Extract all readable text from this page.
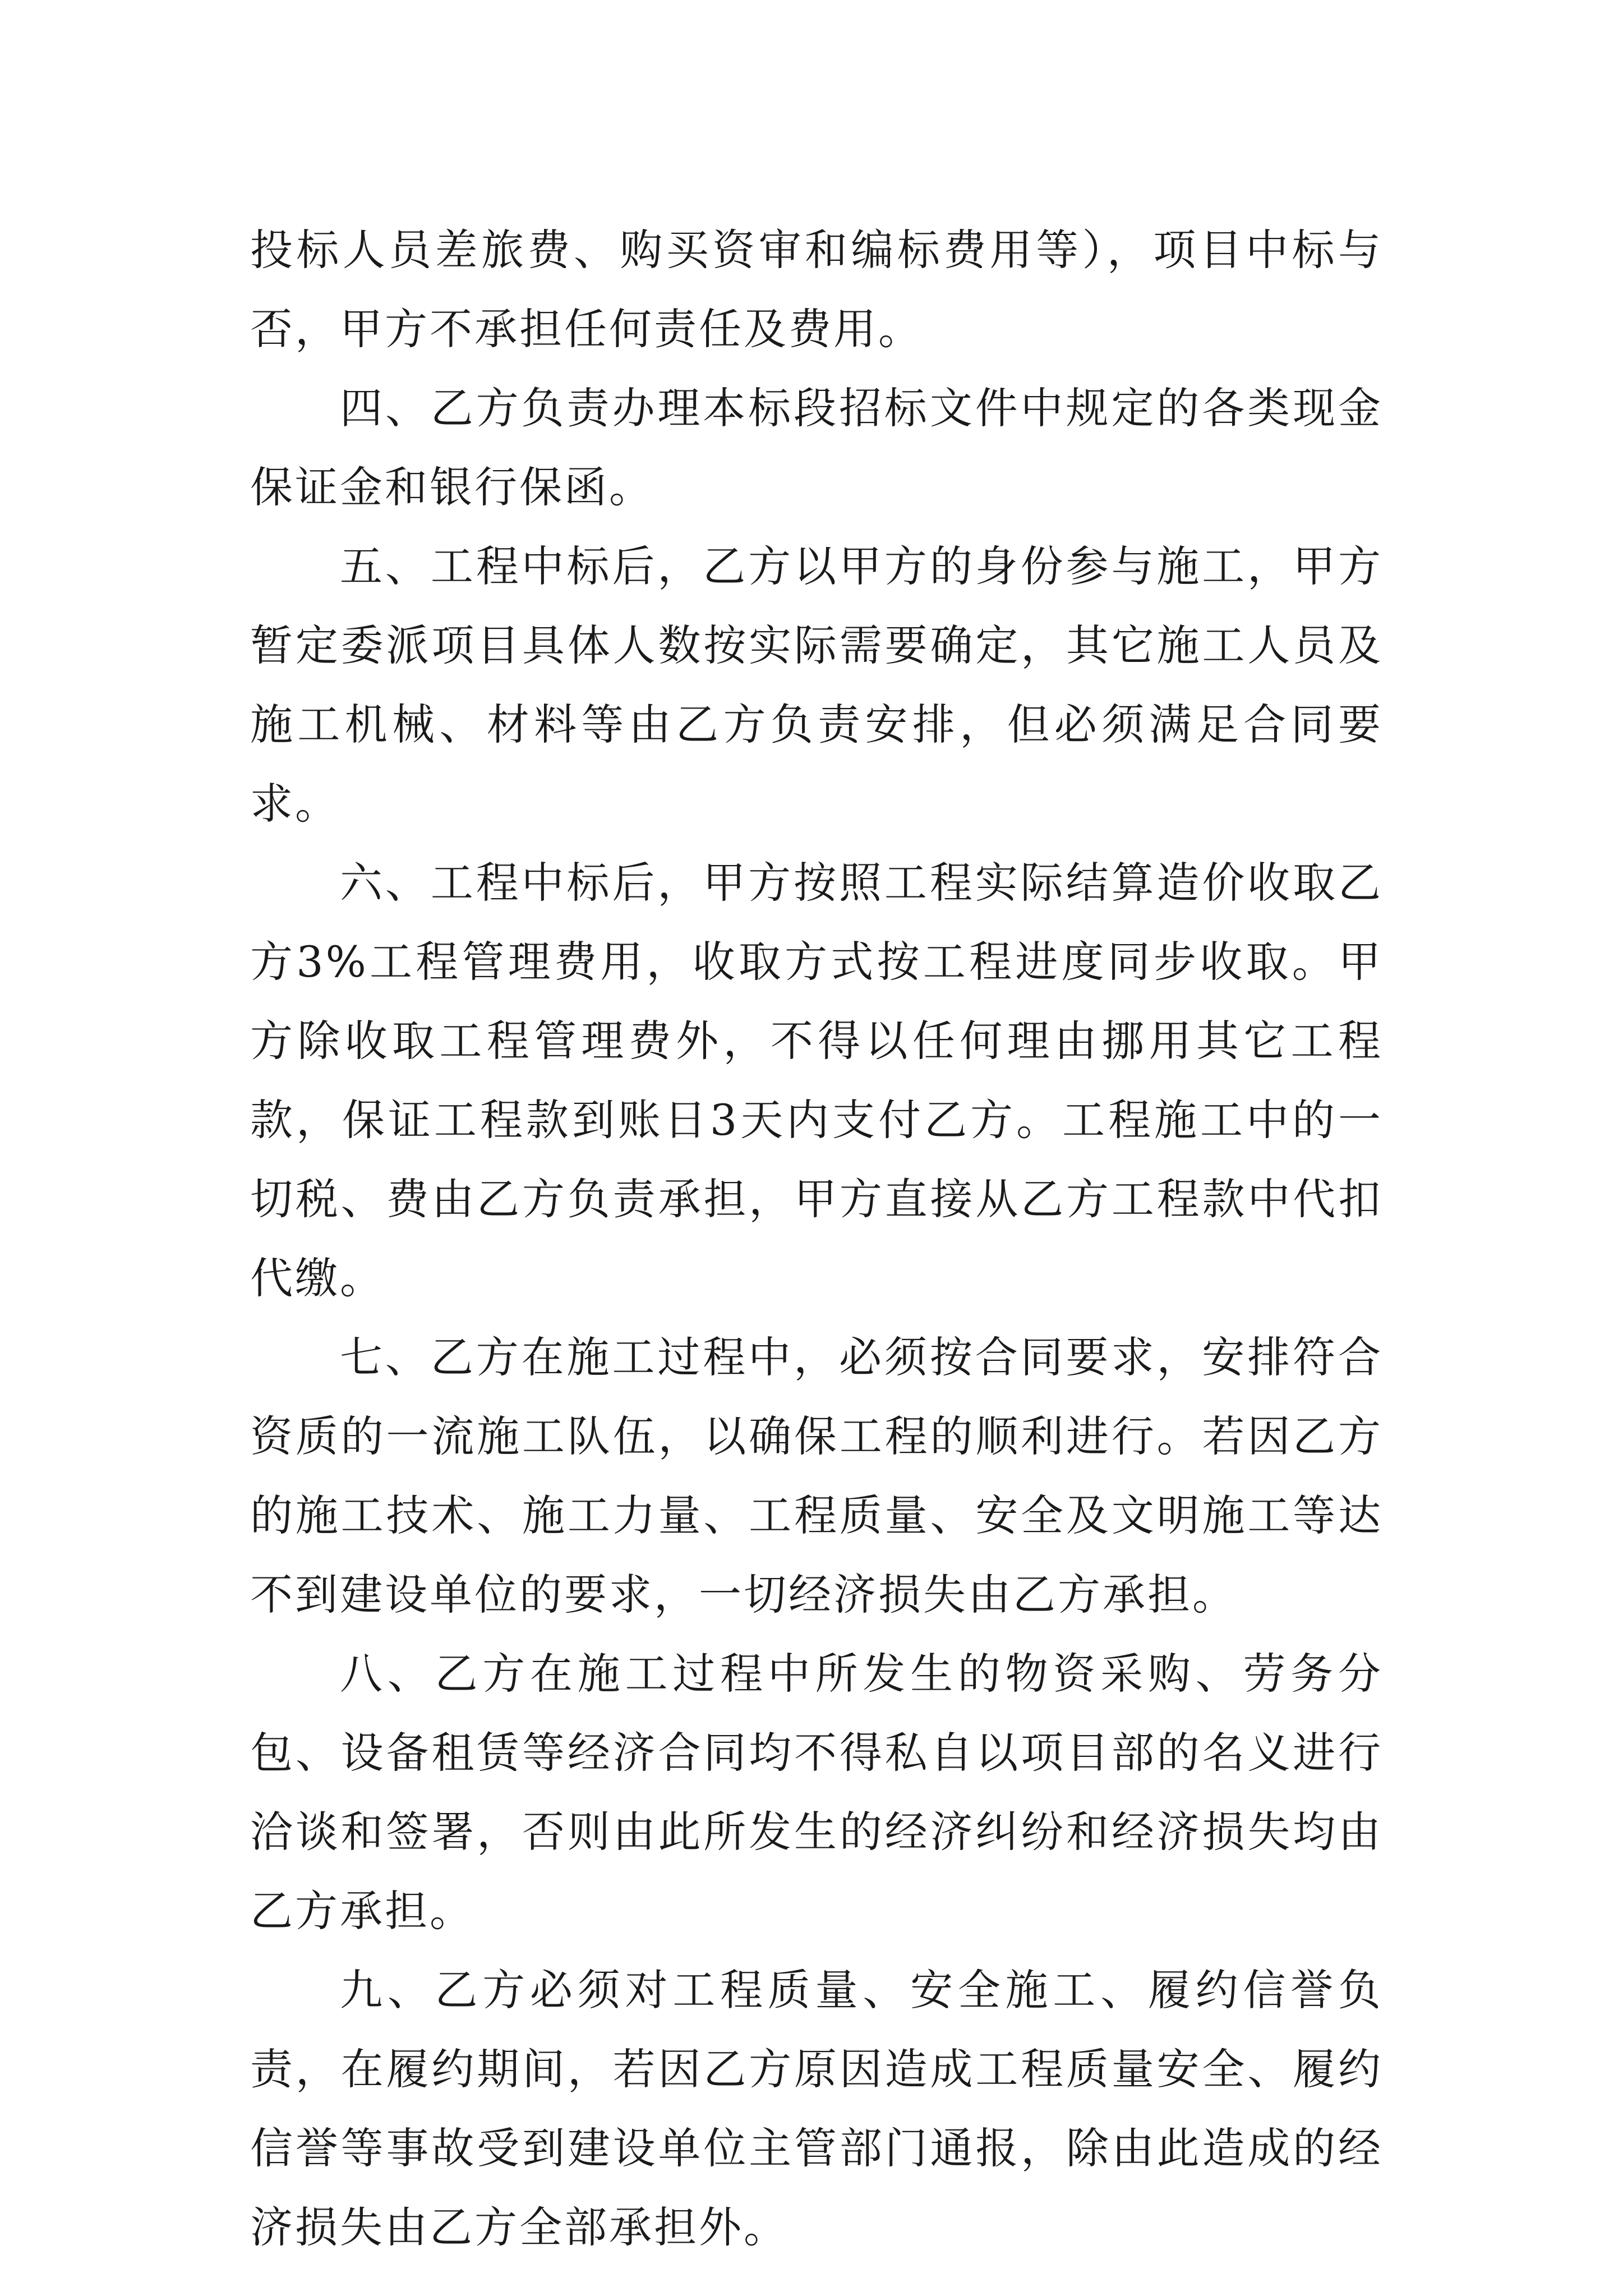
投标人员差旅费、购买资审和编标费用等），项目中标与否，甲方不承担任何责任及费用。

四、乙方负责办理本标段招标文件中规定的各类现金保证金和银行保函。

五、工程中标后，乙方以甲方的身份参与施工，甲方暂定委派项目具体人数按实际需要确定，其它施工人员及施工机械、材料等由乙方负责安排，但必须满足合同要求。

六、工程中标后，甲方按照工程实际结算造价收取乙方3%工程管理费用，收取方式按工程进度同步收取。甲方除收取工程管理费外，不得以任何理由挪用其它工程款，保证工程款到账日3天内支付乙方。工程施工中的一切税、费由乙方负责承担，甲方直接从乙方工程款中代扣代缴。

七、乙方在施工过程中，必须按合同要求，安排符合资质的一流施工队伍，以确保工程的顺利进行。若因乙方的施工技术、施工力量、工程质量、安全及文明施工等达不到建设单位的要求，一切经济损失由乙方承担。

八、乙方在施工过程中所发生的物资采购、劳务分包、设备租赁等经济合同均不得私自以项目部的名义进行洽谈和签署，否则由此所发生的经济纠纷和经济损失均由乙方承担。

九、乙方必须对工程质量、安全施工、履约信誉负责，在履约期间，若因乙方原因造成工程质量安全、履约信誉等事故受到建设单位主管部门通报，除由此造成的经济损失由乙方全部承担外。
